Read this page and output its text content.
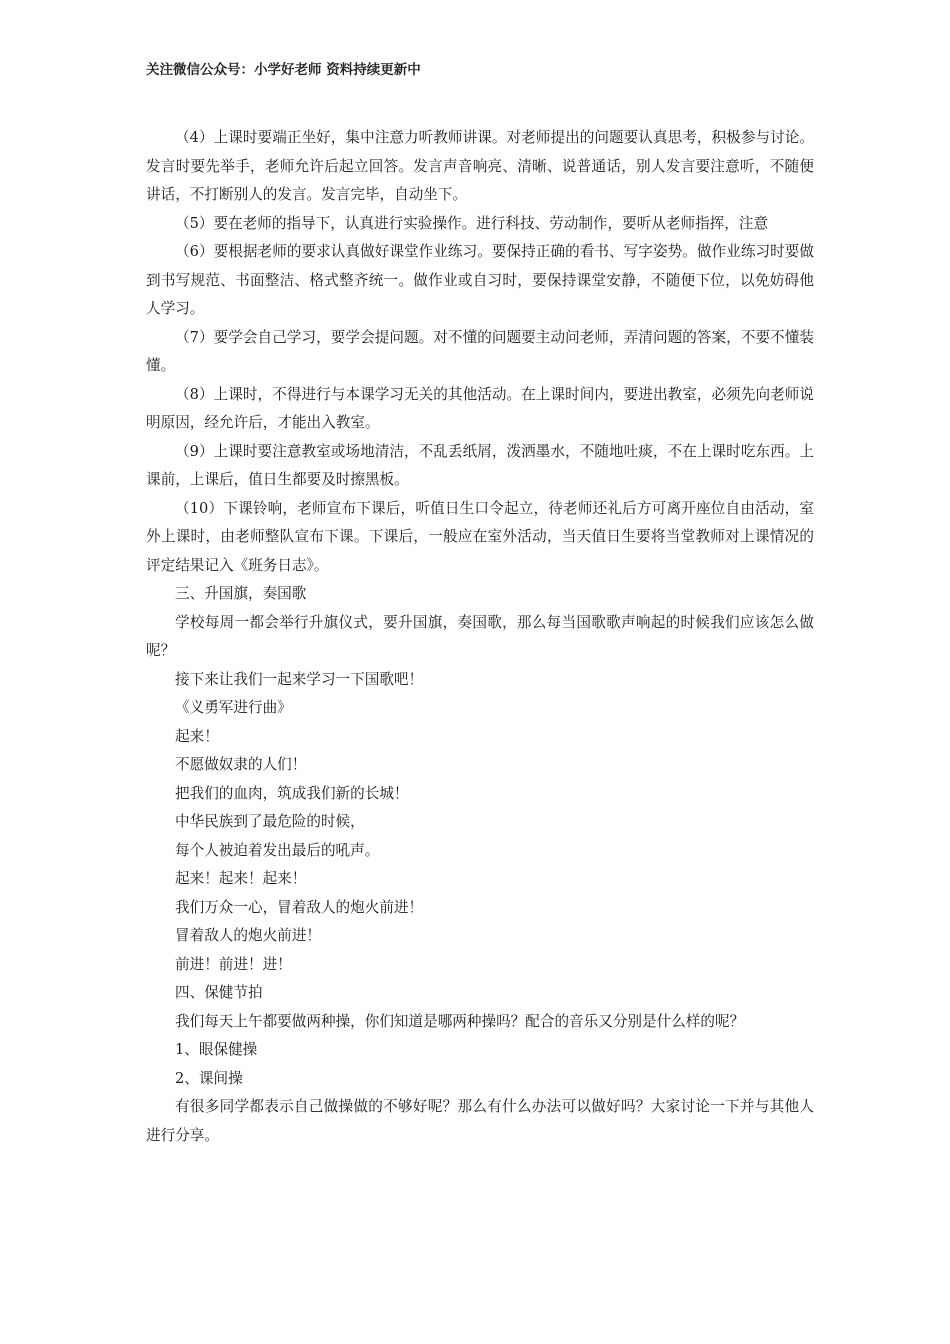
关注微信公众号：小学好老师 资料持续更新中

（4）上课时要端正坐好，集中注意力听教师讲课。对老师提出的问题要认真思考，积极参与讨论。发言时要先举手，老师允许后起立回答。发言声音响亮、清晰、说普通话，别人发言要注意听，不随便讲话，不打断别人的发言。发言完毕，自动坐下。

（5）要在老师的指导下，认真进行实验操作。进行科技、劳动制作，要听从老师指挥，注意

（6）要根据老师的要求认真做好课堂作业练习。要保持正确的看书、写字姿势。做作业练习时要做到书写规范、书面整洁、格式整齐统一。做作业或自习时，要保持课堂安静，不随便下位，以免妨碍他人学习。

（7）要学会自己学习，要学会提问题。对不懂的问题要主动问老师，弄清问题的答案，不要不懂装懂。

（8）上课时，不得进行与本课学习无关的其他活动。在上课时间内，要进出教室，必须先向老师说明原因，经允许后，才能出入教室。

（9）上课时要注意教室或场地清洁，不乱丢纸屑，泼洒墨水，不随地吐痰，不在上课时吃东西。上课前，上课后，值日生都要及时擦黑板。

（10）下课铃响，老师宣布下课后，听值日生口令起立，待老师还礼后方可离开座位自由活动，室外上课时，由老师整队宣布下课。下课后，一般应在室外活动，当天值日生要将当堂教师对上课情况的评定结果记入《班务日志》。

三、升国旗，奏国歌

学校每周一都会举行升旗仪式，要升国旗，奏国歌，那么每当国歌歌声响起的时候我们应该怎么做呢？

接下来让我们一起来学习一下国歌吧！

《义勇军进行曲》

起来！

不愿做奴隶的人们！

把我们的血肉，筑成我们新的长城！

中华民族到了最危险的时候，

每个人被迫着发出最后的吼声。

起来！起来！起来！

我们万众一心，冒着敌人的炮火前进！

冒着敌人的炮火前进！

前进！前进！进！

四、保健节拍

我们每天上午都要做两种操，你们知道是哪两种操吗？配合的音乐又分别是什么样的呢？

1、眼保健操

2、课间操

有很多同学都表示自己做操做的不够好呢？那么有什么办法可以做好吗？大家讨论一下并与其他人进行分享。
